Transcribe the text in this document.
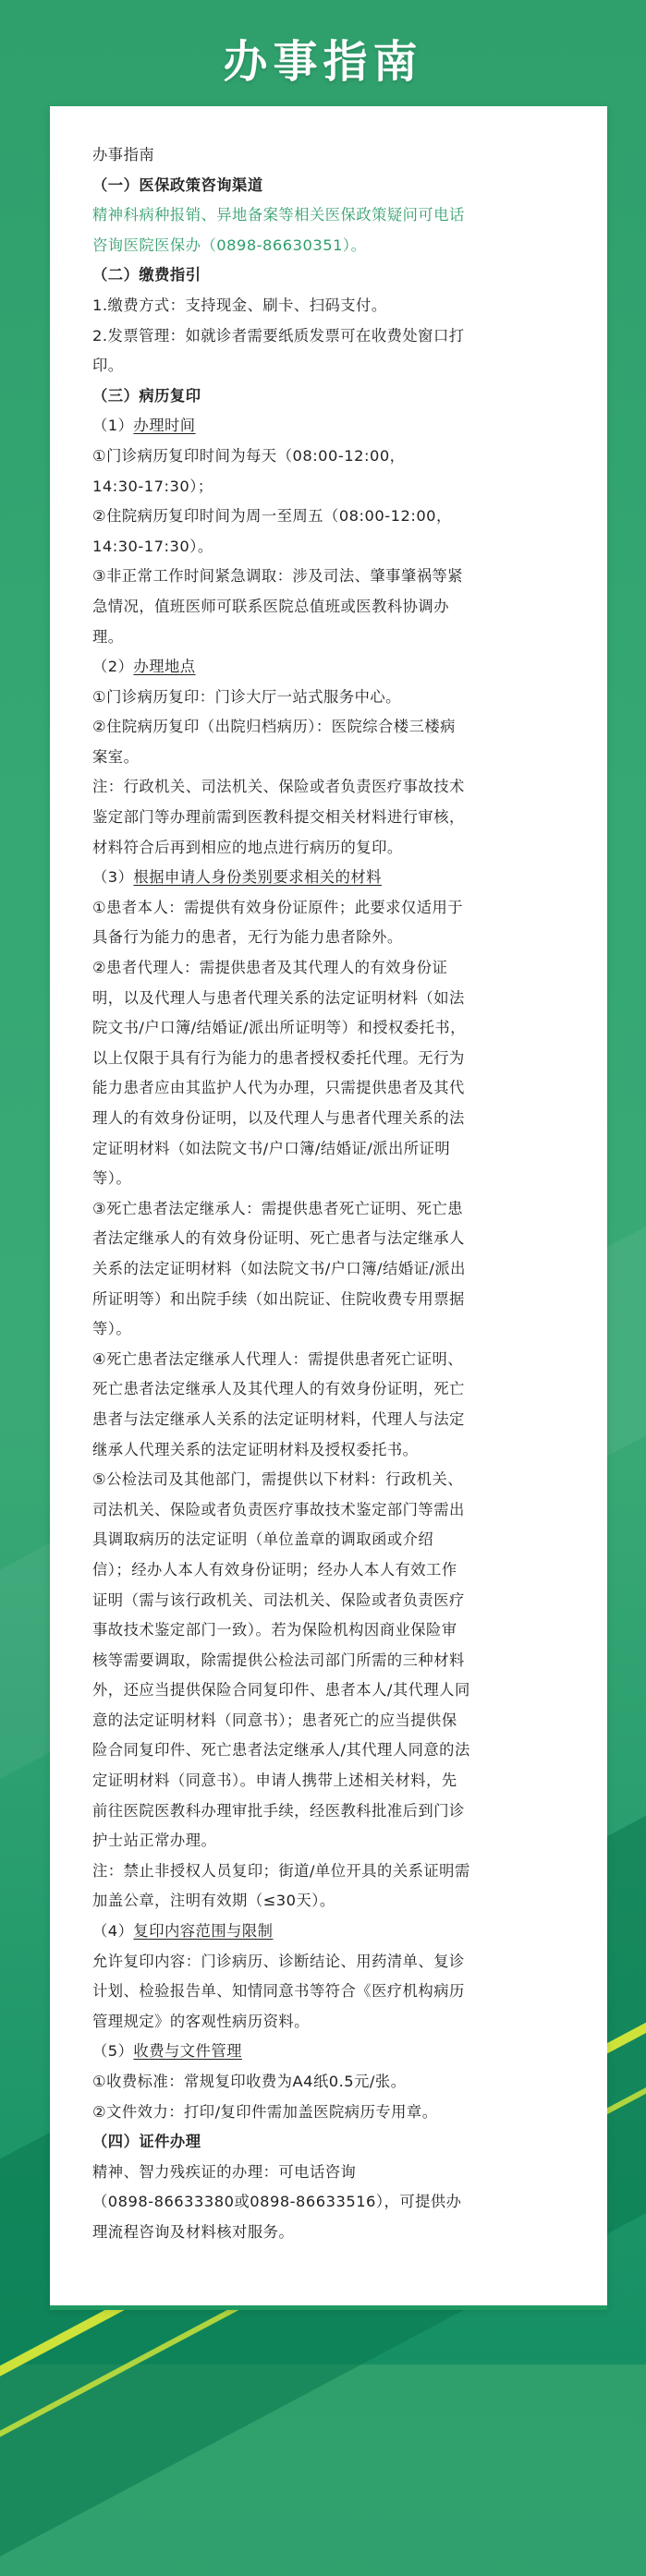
办事指南

办事指南

（一）医保政策咨询渠道

精神科病种报销、异地备案等相关医保政策疑问可电话

咨询医院医保办（0898-86630351）。

（二）缴费指引

1.缴费方式：支持现金、刷卡、扫码支付。

2.发票管理：如就诊者需要纸质发票可在收费处窗口打

印。

（三）病历复印

（1）办理时间

①门诊病历复印时间为每天（08:00-12:00，

14:30-17:30）；

②住院病历复印时间为周一至周五（08:00-12:00，

14:30-17:30）。

③非正常工作时间紧急调取：涉及司法、肇事肇祸等紧

急情况，值班医师可联系医院总值班或医教科协调办

理。

（2）办理地点

①门诊病历复印：门诊大厅一站式服务中心。

②住院病历复印（出院归档病历）：医院综合楼三楼病

案室。

注：行政机关、司法机关、保险或者负责医疗事故技术

鉴定部门等办理前需到医教科提交相关材料进行审核，

材料符合后再到相应的地点进行病历的复印。

（3）根据申请人身份类别要求相关的材料

①患者本人：需提供有效身份证原件；此要求仅适用于

具备行为能力的患者，无行为能力患者除外。

②患者代理人：需提供患者及其代理人的有效身份证

明，以及代理人与患者代理关系的法定证明材料（如法

院文书/户口簿/结婚证/派出所证明等）和授权委托书，

以上仅限于具有行为能力的患者授权委托代理。无行为

能力患者应由其监护人代为办理，只需提供患者及其代

理人的有效身份证明，以及代理人与患者代理关系的法

定证明材料（如法院文书/户口簿/结婚证/派出所证明

等）。

③死亡患者法定继承人：需提供患者死亡证明、死亡患

者法定继承人的有效身份证明、死亡患者与法定继承人

关系的法定证明材料（如法院文书/户口簿/结婚证/派出

所证明等）和出院手续（如出院证、住院收费专用票据

等）。

④死亡患者法定继承人代理人：需提供患者死亡证明、

死亡患者法定继承人及其代理人的有效身份证明，死亡

患者与法定继承人关系的法定证明材料，代理人与法定

继承人代理关系的法定证明材料及授权委托书。

⑤公检法司及其他部门，需提供以下材料：行政机关、

司法机关、保险或者负责医疗事故技术鉴定部门等需出

具调取病历的法定证明（单位盖章的调取函或介绍

信）；经办人本人有效身份证明；经办人本人有效工作

证明（需与该行政机关、司法机关、保险或者负责医疗

事故技术鉴定部门一致）。若为保险机构因商业保险审

核等需要调取，除需提供公检法司部门所需的三种材料

外，还应当提供保险合同复印件、患者本人/其代理人同

意的法定证明材料（同意书）；患者死亡的应当提供保

险合同复印件、死亡患者法定继承人/其代理人同意的法

定证明材料（同意书）。申请人携带上述相关材料，先

前往医院医教科办理审批手续，经医教科批准后到门诊

护士站正常办理。

注：禁止非授权人员复印；街道/单位开具的关系证明需

加盖公章，注明有效期（≤30天）。

（4）复印内容范围与限制

允许复印内容：门诊病历、诊断结论、用药清单、复诊

计划、检验报告单、知情同意书等符合《医疗机构病历

管理规定》的客观性病历资料。

（5）收费与文件管理

①收费标准：常规复印收费为A4纸0.5元/张。

②文件效力：打印/复印件需加盖医院病历专用章。

（四）证件办理

精神、智力残疾证的办理：可电话咨询

（0898-86633380或0898-86633516），可提供办

理流程咨询及材料核对服务。
